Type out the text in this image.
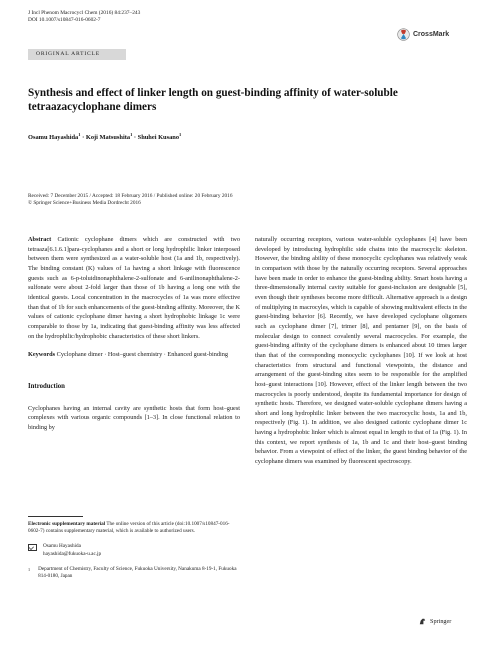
J Incl Phenom Macrocycl Chem (2016) 84:237–243
DOI 10.1007/s10847-016-0602-7
CrossMark
ORIGINAL ARTICLE
Synthesis and effect of linker length on guest-binding affinity of water-soluble tetraazacyclophane dimers
Osamu Hayashida$^1$ · Koji Matsushita$^1$ · Shuhei Kusano$^1$
Received: 7 December 2015 / Accepted: 18 February 2016 / Published online: 20 February 2016
© Springer Science+Business Media Dordrecht 2016

Abstract Cationic cyclophane dimers which are constructed with two tetraaza[6.1.6.1]para-cyclophanes and a short or long hydrophilic linker interposed between them were synthesized as a water-soluble host (1a and 1b, respectively). The binding constant (K) values of 1a having a short linkage with fluorescence guests such as 6-p-toluidinonaphthalene-2-sulfonate and 6-anilinonaphthalene-2-sulfonate were about 2-fold larger than those of 1b having a long one with the identical guests. Local concentration in the macrocycles of 1a was more effective than that of 1b for such enhancements of the guest-binding affinity. Moreover, the K values of cationic cyclophane dimer having a short hydrophobic linkage 1c were comparable to those by 1a, indicating that guest-binding affinity was less affected on the hydrophilic/hydrophobic characteristics of these short linkers.

Keywords Cyclophane dimer · Host–guest chemistry · Enhanced guest-binding

Introduction

Cyclophanes having an internal cavity are synthetic hosts that form host–guest complexes with various organic compounds [1–3]. In close functional relation to binding by

Electronic supplementary material The online version of this article (doi:10.1007/s10847-016-0602-7) contains supplementary material, which is available to authorized users.

Osamu Hayashida
hayashida@fukuoka-u.ac.jp
1 Department of Chemistry, Faculty of Science, Fukuoka University, Nanakuma 8-19-1, Fukuoka 814-0180, Japan

naturally occurring receptors, various water-soluble cyclophanes [4] have been developed by introducing hydrophilic side chains into the macrocyclic skeleton. However, the binding ability of these monocyclic cyclophanes was relatively weak in comparison with those by the naturally occurring receptors. Several approaches have been made in order to enhance the guest-binding ability. Smart hosts having a three-dimensionally internal cavity suitable for guest-inclusion are designable [5], even though their syntheses become more difficult. Alternative approach is a design of multiplying in macrocyles, which is capable of showing multivalent effects in the guest-binding behavior [6]. Recently, we have developed cyclophane oligomers such as cyclophane dimer [7], trimer [8], and pentamer [9], on the basis of molecular design to connect covalently several macrocycles. For example, the guest-binding affinity of the cyclophane dimers is enhanced about 10 times larger than that of the corresponding monocyclic cyclophanes [10]. If we look at host characteristics from structural and functional viewpoints, the distance and arrangement of the guest-binding sites seem to be responsible for the amplified host–guest interactions [10]. However, effect of the linker length between the two macrocycles is poorly understood, despite its fundamental importance for design of synthetic hosts. Therefore, we designed water-soluble cyclophane dimers having a short and long hydrophilic linker between the two macrocyclic hosts, 1a and 1b, respectively (Fig. 1). In addition, we also designed cationic cyclophane dimer 1c having a hydrophobic linker which is almost equal in length to that of 1a (Fig. 1). In this context, we report synthesis of 1a, 1b and 1c and their host–guest binding behavior. From a viewpoint of effect of the linker, the guest binding behavior of the cyclophane dimers was examined by fluorescent spectroscopy.

Springer
